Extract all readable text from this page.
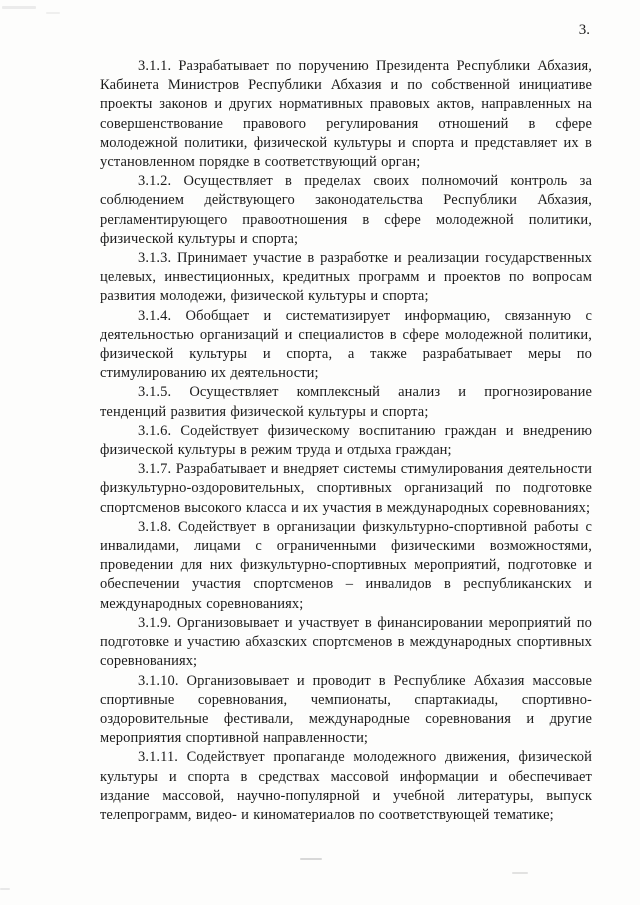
3.

3.1.1. Разрабатывает по поручению Президента Республики Абхазия, Кабинета Министров Республики Абхазия и по собственной инициативе проекты законов и других нормативных правовых актов, направленных на совершенствование правового регулирования отношений в сфере молодежной политики, физической культуры и спорта и представляет их в установленном порядке в соответствующий орган;

3.1.2. Осуществляет в пределах своих полномочий контроль за соблюдением действующего законодательства Республики Абхазия, регламентирующего правоотношения в сфере молодежной политики, физической культуры и спорта;

3.1.3. Принимает участие в разработке и реализации государственных целевых, инвестиционных, кредитных программ и проектов по вопросам развития молодежи, физической культуры и спорта;

3.1.4. Обобщает и систематизирует информацию, связанную с деятельностью организаций и специалистов в сфере молодежной политики, физической культуры и спорта, а также разрабатывает меры по стимулированию их деятельности;

3.1.5. Осуществляет комплексный анализ и прогнозирование тенденций развития физической культуры и спорта;

3.1.6. Содействует физическому воспитанию граждан и внедрению физической культуры в режим труда и отдыха граждан;

3.1.7. Разрабатывает и внедряет системы стимулирования деятельности физкультурно-оздоровительных, спортивных организаций по подготовке спортсменов высокого класса и их участия в международных соревнованиях;

3.1.8. Содействует в организации физкультурно-спортивной работы с инвалидами, лицами с ограниченными физическими возможностями, проведении для них физкультурно-спортивных мероприятий, подготовке и обеспечении участия спортсменов – инвалидов в республиканских и международных соревнованиях;

3.1.9. Организовывает и участвует в финансировании мероприятий по подготовке и участию абхазских спортсменов в международных спортивных соревнованиях;

3.1.10. Организовывает и проводит в Республике Абхазия массовые спортивные соревнования, чемпионаты, спартакиады, спортивно-оздоровительные фестивали, международные соревнования и другие мероприятия спортивной направленности;

3.1.11. Содействует пропаганде молодежного движения, физической культуры и спорта в средствах массовой информации и обеспечивает издание массовой, научно-популярной и учебной литературы, выпуск телепрограмм, видео- и киноматериалов по соответствующей тематике;
